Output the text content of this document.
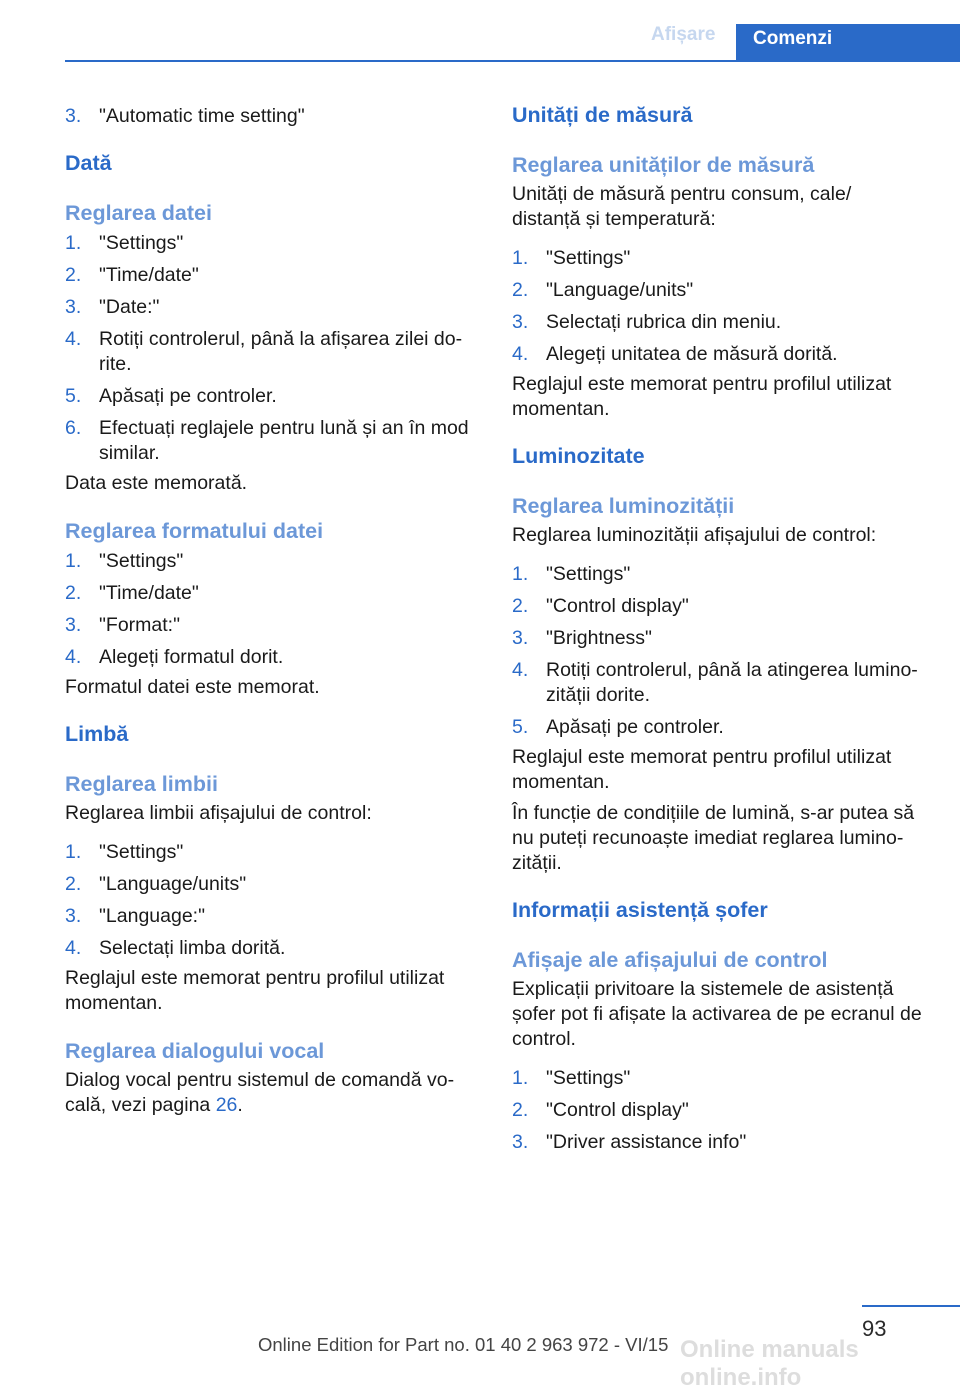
Afișare	Comenzi
3. "Automatic time setting"
Dată
Reglarea datei
1. "Settings"
2. "Time/date"
3. "Date:"
4. Rotiți controlerul, până la afișarea zilei dorite.
5. Apăsați pe controler.
6. Efectuați reglajele pentru lună și an în mod similar.

Data este memorată.

Reglarea formatului datei
1. "Settings"
2. "Time/date"
3. "Format:"
4. Alegeți formatul dorit.

Formatul datei este memorat.

Limbă
Reglarea limbii

Reglarea limbii afișajului de control:

1. "Settings"
2. "Language/units"
3. "Language:"
4. Selectați limba dorită.

Reglajul este memorat pentru profilul utilizat momentan.

Reglarea dialogului vocal

Dialog vocal pentru sistemul de comandă vocală, vezi pagina 26.

Unități de măsură
Reglarea unităților de măsură

Unități de măsură pentru consum, cale/ distanță și temperatură:

1. "Settings"
2. "Language/units"
3. Selectați rubrica din meniu.
4. Alegeți unitatea de măsură dorită.

Reglajul este memorat pentru profilul utilizat momentan.

Luminozitate
Reglarea luminozității

Reglarea luminozității afișajului de control:

1. "Settings"
2. "Control display"
3. "Brightness"
4. Rotiți controlerul, până la atingerea luminozității dorite.
5. Apăsați pe controler.

Reglajul este memorat pentru profilul utilizat momentan.

În funcție de condițiile de lumină, s-ar putea să nu puteți recunoaște imediat reglarea luminozității.

Informații asistență șofer
Afișaje ale afișajului de control

Explicații privitoare la sistemele de asistență șofer pot fi afișate la activarea de pe ecranul de control.

1. "Settings"
2. "Control display"
3. "Driver assistance info"
93
Online Edition for Part no. 01 40 2 963 972 - VI/15 Online manuals online.info
